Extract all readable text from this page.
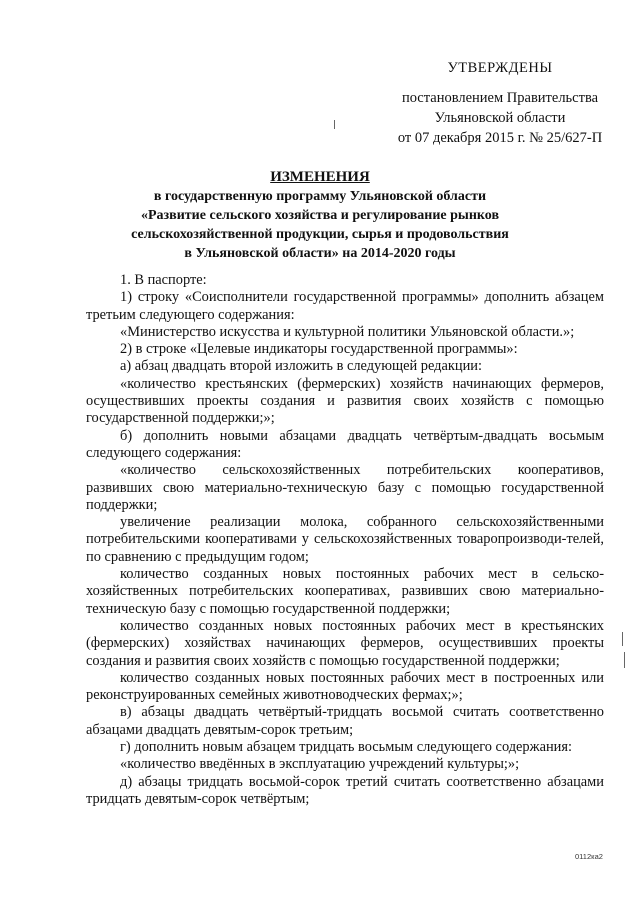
УТВЕРЖДЕНЫ
постановлением Правительства
Ульяновской области
от 07 декабря 2015 г. № 25/627-П
ИЗМЕНЕНИЯ
в государственную программу Ульяновской области
«Развитие сельского хозяйства и регулирование рынков
сельскохозяйственной продукции, сырья и продовольствия
в Ульяновской области» на 2014-2020 годы

1. В паспорте:

1) строку «Соисполнители государственной программы» дополнить абзацем третьим следующего содержания:

«Министерство искусства и культурной политики Ульяновской области.»;

2) в строке «Целевые индикаторы государственной программы»:

а) абзац двадцать второй изложить в следующей редакции:

«количество крестьянских (фермерских) хозяйств начинающих фермеров, осуществивших проекты создания и развития своих хозяйств с помощью государственной поддержки;»;

б) дополнить новыми абзацами двадцать четвёртым-двадцать восьмым следующего содержания:

«количество сельскохозяйственных потребительских кооперативов, развивших свою материально-техническую базу с помощью государственной поддержки;

увеличение реализации молока, собранного сельскохозяйственными потребительскими кооперативами у сельскохозяйственных товаропроизводи-телей, по сравнению с предыдущим годом;

количество созданных новых постоянных рабочих мест в сельско-хозяйственных потребительских кооперативах, развивших свою материально-техническую базу с помощью государственной поддержки;

количество созданных новых постоянных рабочих мест в крестьянских (фермерских) хозяйствах начинающих фермеров, осуществивших проекты создания и развития своих хозяйств с помощью государственной поддержки;

количество созданных новых постоянных рабочих мест в построенных или реконструированных семейных животноводческих фермах;»;

в) абзацы двадцать четвёртый-тридцать восьмой считать соответственно абзацами двадцать девятым-сорок третьим;

г) дополнить новым абзацем тридцать восьмым следующего содержания:

«количество введённых в эксплуатацию учреждений культуры;»;

д) абзацы тридцать восьмой-сорок третий считать соответственно абзацами тридцать девятым-сорок четвёртым;

0112ка2
